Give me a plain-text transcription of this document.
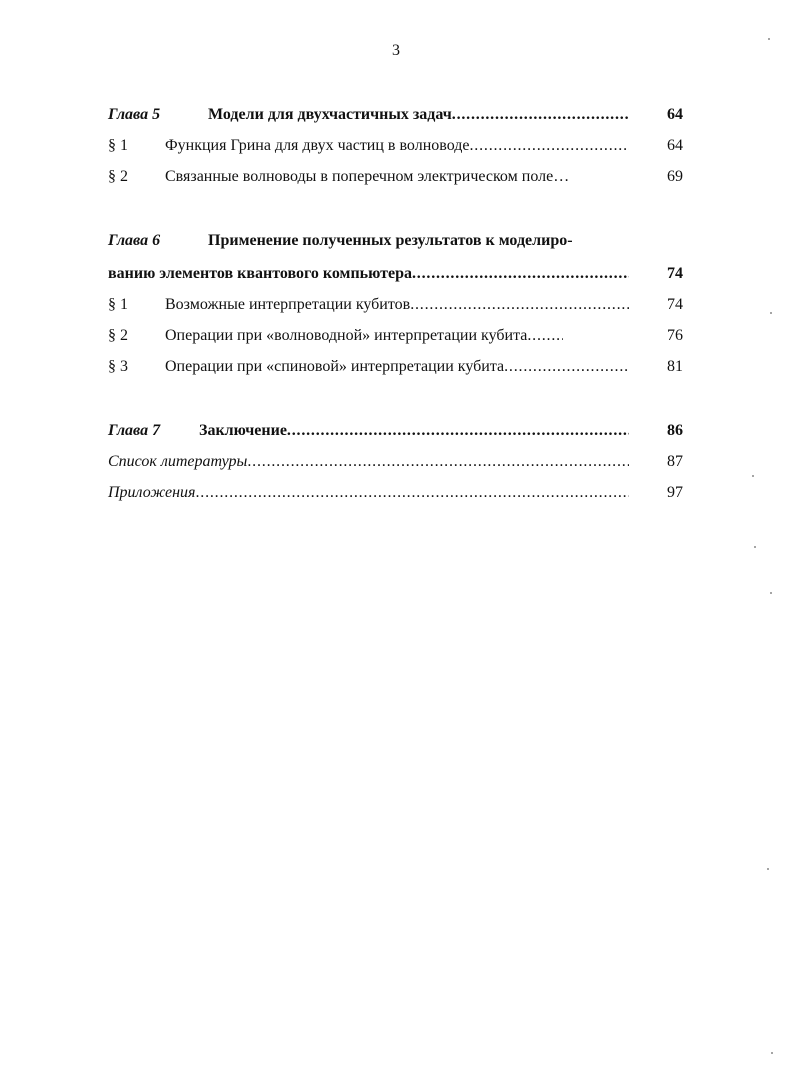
3
Глава 5	Модели для двухчастичных задач . . .	64
§ 1	Функция Грина для двух частиц в волноводе . . .	64
§ 2	Связанные волноводы в поперечном электрическом поле…	69
Глава 6	Применение полученных результатов к моделиро-
ванию элементов квантового компьютера . . .	74
§ 1	Возможные интерпретации кубитов . . .	74
§ 2	Операции при «волноводной» интерпретации кубита . . .	76
§ 3	Операции при «спиновой» интерпретации кубита . . .	81
Глава 7	Заключение . . .	86
Список литературы . . .	87
Приложения . . .	97
